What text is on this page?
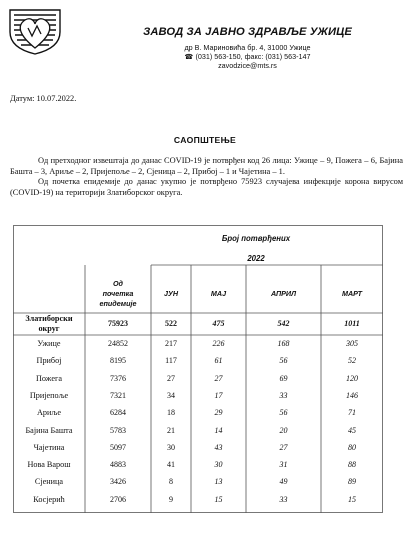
ЗАВОД ЗА ЈАВНО ЗДРАВЉЕ УЖИЦЕ
др В. Мариновића бр. 4, 31000 Ужице
☎ (031) 563-150, факс: (031) 563-147
zavodzice@mts.rs
Датум: 10.07.2022.
САОПШТЕЊЕ

Од претходног извештаја до данас COVID-19 је потврђен код 26 лица: Ужице – 9, Пожега – 6, Бајина Башта – 3, Ариље – 2, Пријепоље – 2, Сјеница – 2, Прибој – 1 и Чајетина – 1.

Од почетка епидемије до данас укупно је потврђено 75923 случајева инфекције корона вирусом (COVID-19) на територији Златиборског округа.

Број потврђених
2022
Од
почетка
епидемије
ЈУН	МАЈ	АПРИЛ	МАРТ
Златиборски
округ
75923	522	475	542	1011
Ужице	24852	217	226	168	305
Прибој	8195	117	61	56	52
Пожега	7376	27	27	69	120
Пријепоље	7321	34	17	33	146
Ариље	6284	18	29	56	71
Бајина Башта	5783	21	14	20	45
Чајетина	5097	30	43	27	80
Нова Варош	4883	41	30	31	88
Сјеница	3426	8	13	49	89
Косјерић	2706	9	15	33	15
